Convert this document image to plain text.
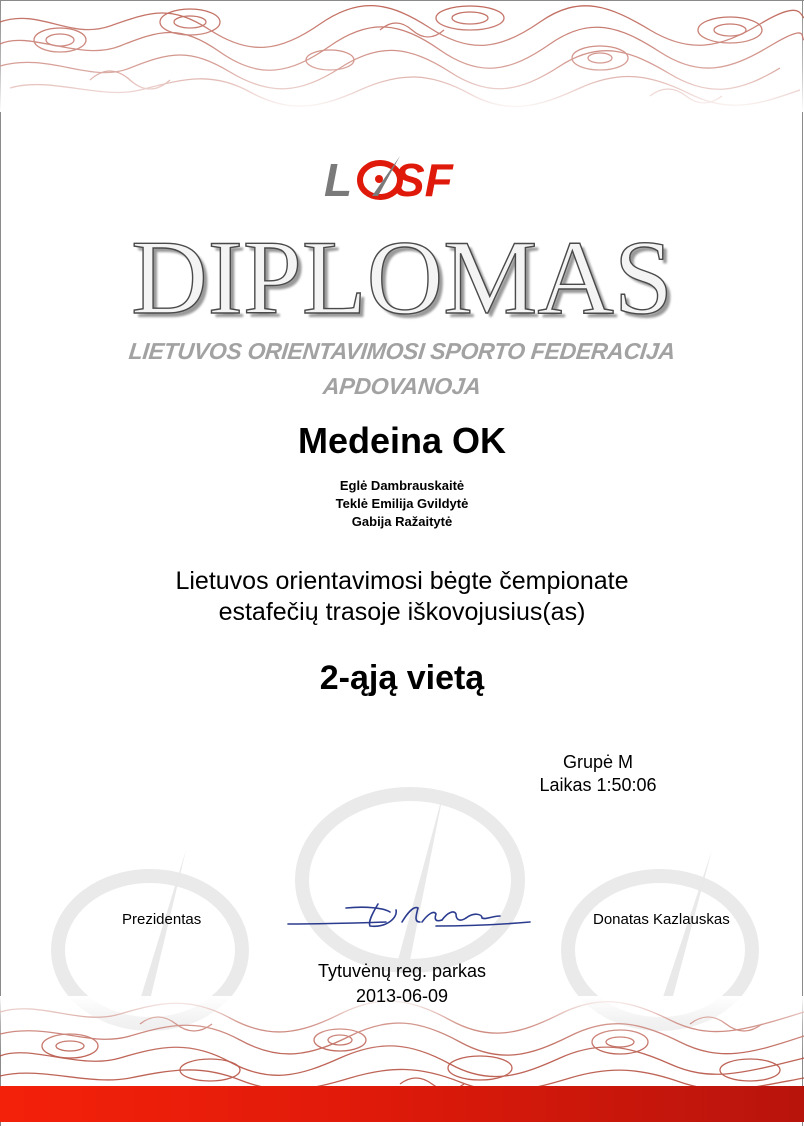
L SF
DIPLOMAS
LIETUVOS ORIENTAVIMOSI SPORTO FEDERACIJA
APDOVANOJA
Medeina OK
Eglė Dambrauskaitė
Teklė Emilija Gvildytė
Gabija Ražaitytė
Lietuvos orientavimosi bėgte čempionate
estafečių trasoje iškovojusius(as)
2-ąją vietą
Grupė M
Laikas 1:50:06
Prezidentas	Donatas Kazlauskas
Tytuvėnų reg. parkas
2013-06-09
